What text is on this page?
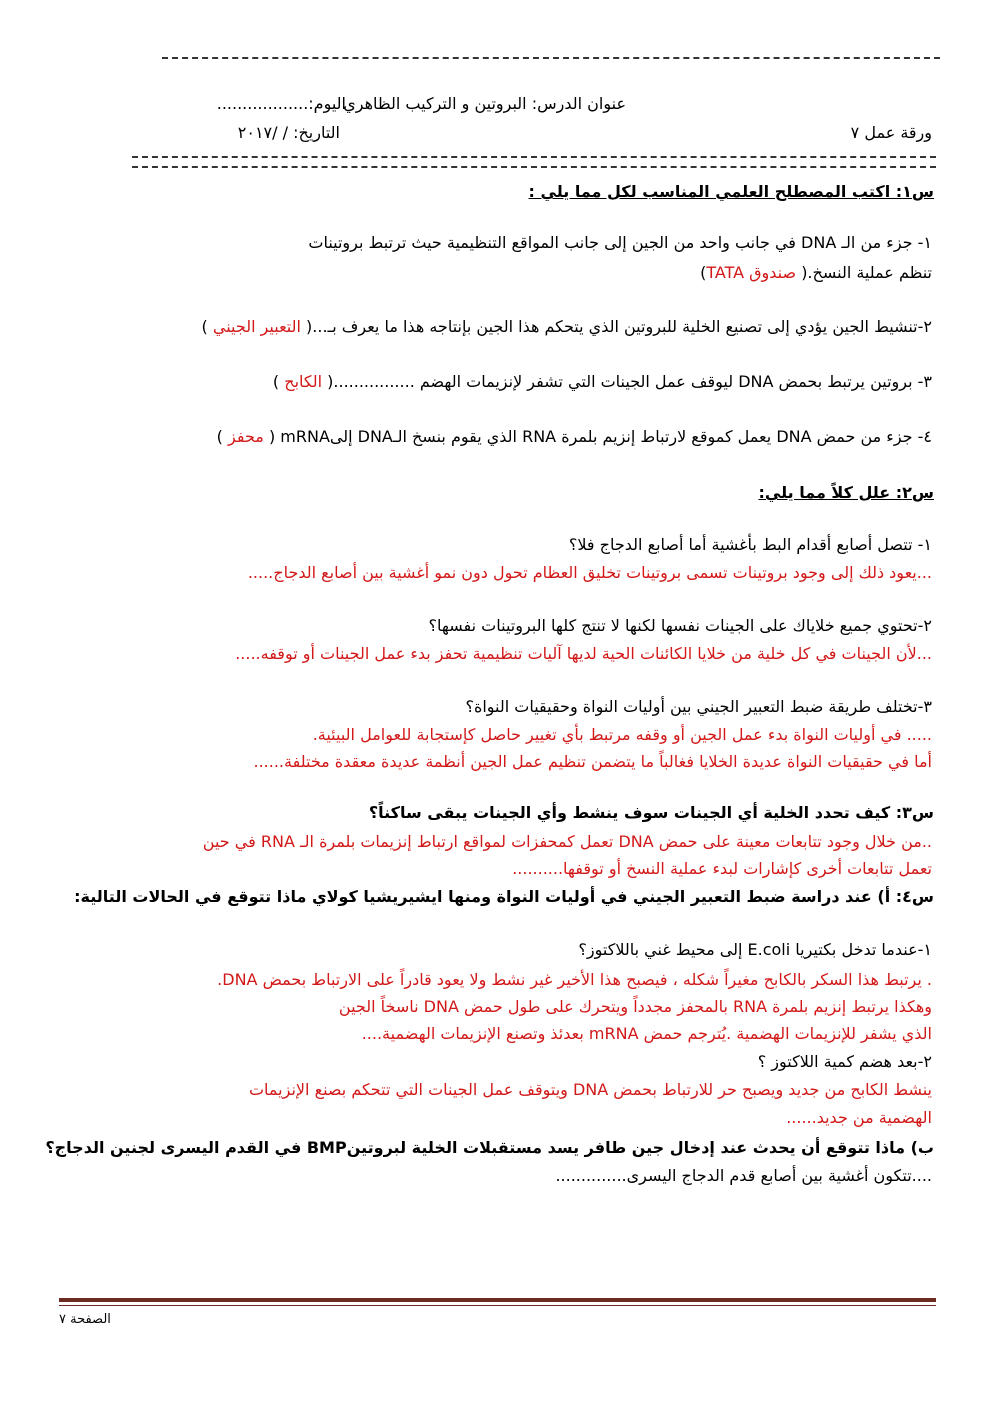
عنوان الدرس: البروتين و التركيب الظاهري
اليوم:..................
ورقة عمل ٧
التاريخ: / /٢٠١٧
س١: اكتب المصطلح العلمي المناسب لكل مما يلي :
١- جزء من الـ DNA في جانب واحد من الجين إلى جانب المواقع التنظيمية حيث ترتبط بروتينات
تنظم عملية النسخ.( صندوق TATA)
٢-تنشيط الجين يؤدي إلى تصنيع الخلية للبروتين الذي يتحكم هذا الجين بإنتاجه هذا ما يعرف بـ...( التعبير الجيني )
٣- بروتين يرتبط بحمض DNA ليوقف عمل الجينات التي تشفر لإنزيمات الهضم ................( الكابح )
٤- جزء من حمض DNA يعمل كموقع لارتباط إنزيم بلمرة RNA الذي يقوم بنسخ الـDNA إلىmRNA ( محفز )
س٢: علل كلاً مما يلي:
١- تتصل أصابع أقدام البط بأغشية أما أصابع الدجاج فلا؟
...يعود ذلك إلى وجود بروتينات تسمى بروتينات تخليق العظام تحول دون نمو أغشية بين أصابع الدجاج.....
٢-تحتوي جميع خلاياك على الجينات نفسها لكنها لا تنتج كلها البروتينات نفسها؟
...لأن الجينات في كل خلية من خلايا الكائنات الحية لديها آليات تنظيمية تحفز بدء عمل الجينات أو توقفه.....
٣-تختلف طريقة ضبط التعبير الجيني بين أوليات النواة وحقيقيات النواة؟
..... في أوليات النواة بدء عمل الجين أو وقفه مرتبط بأي تغيير حاصل كإستجابة للعوامل البيئية.
أما في حقيقيات النواة عديدة الخلايا فغالباً ما يتضمن تنظيم عمل الجين أنظمة عديدة معقدة مختلفة......
س٣: كيف تحدد الخلية أي الجينات سوف ينشط وأي الجينات يبقى ساكناً؟
..من خلال وجود تتابعات معينة على حمض DNA تعمل كمحفزات لمواقع ارتباط إنزيمات بلمرة الـ RNA في حين
تعمل تتابعات أخرى كإشارات لبدء عملية النسخ أو توقفها..........
س٤: أ) عند دراسة ضبط التعبير الجيني في أوليات النواة ومنها ايشيريشيا كولاي ماذا تتوقع في الحالات التالية:
١-عندما تدخل بكتيريا E.coli إلى محيط غني باللاكتوز؟
. يرتبط هذا السكر بالكابح مغيراً شكله ، فيصبح هذا الأخير غير نشط ولا يعود قادراً على الارتباط بحمض DNA.
وهكذا يرتبط إنزيم بلمرة RNA بالمحفز مجدداً ويتحرك على طول حمض DNA ناسخاً الجين
الذي يشفر للإنزيمات الهضمية .يُترجم حمض mRNA بعدئذ وتصنع الإنزيمات الهضمية....
٢-بعد هضم كمية اللاكتوز ؟
ينشط الكابح من جديد ويصبح حر للارتباط بحمض DNA ويتوقف عمل الجينات التي تتحكم بصنع الإنزيمات
الهضمية من جديد......
ب) ماذا تتوقع أن يحدث عند إدخال جين طافر يسد مستقبلات الخلية لبروتينBMP في القدم اليسرى لجنين الدجاج؟
....تتكون أغشية بين أصابع قدم الدجاج اليسرى..............
الصفحة ٧
